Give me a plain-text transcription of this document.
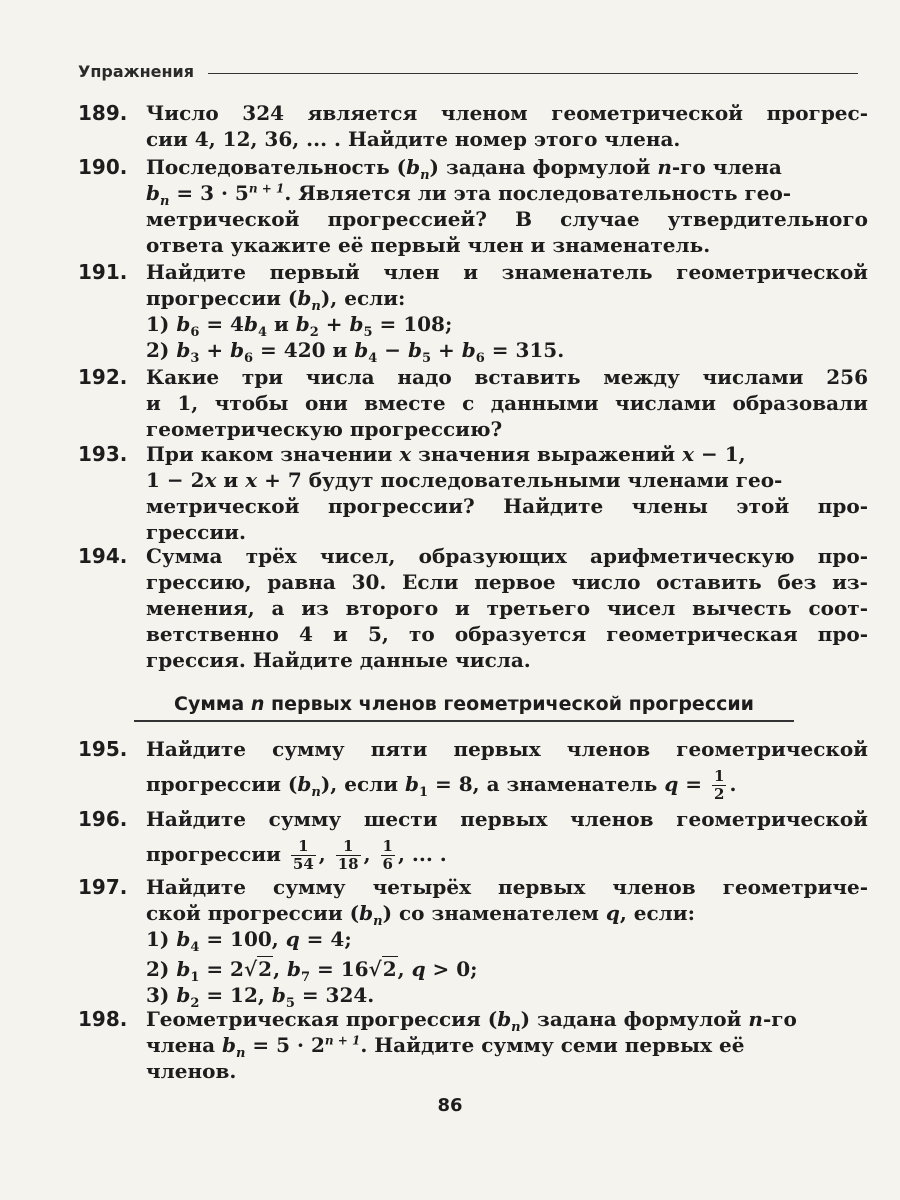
Упражнения
189. Число 324 является членом геометрической прогрес-
сии 4, 12, 36, ... . Найдите номер этого члена.
190. Последовательность $(b_n)$ задана формулой n-го члена
$b_n = 3 \cdot 5^{n + 1}$. Является ли эта последовательность гео-
метрической прогрессией? В случае утвердительного
ответа укажите её первый член и знаменатель.
191. Найдите первый член и знаменатель геометрической
прогрессии $(b_n)$, если:
1) $b_6 = 4b_4$ и $b_2 + b_5 = 108$;
2) $b_3 + b_6 = 420$ и $b_4 - b_5 + b_6 = 315$.
192. Какие три числа надо вставить между числами 256
и 1, чтобы они вместе с данными числами образовали
геометрическую прогрессию?
193. При каком значении x значения выражений x − 1,
1 − 2x и x + 7 будут последовательными членами гео-
метрической прогрессии? Найдите члены этой про-
грессии.
194. Сумма трёх чисел, образующих арифметическую про-
грессию, равна 30. Если первое число оставить без из-
менения, а из второго и третьего чисел вычесть соот-
ветственно 4 и 5, то образуется геометрическая про-
грессия. Найдите данные числа.
Сумма n первых членов геометрической прогрессии
195. Найдите сумму пяти первых членов геометрической
прогрессии $(b_n)$, если $b_1 = 8$, а знаменатель $q = \frac{1}{2}$ .
196. Найдите сумму шести первых членов геометрической
прогрессии $\frac{1}{54}$ , $\frac{1}{18}$ , $\frac{1}{6}$ , ... .
197. Найдите сумму четырёх первых членов геометриче-
ской прогрессии $(b_n)$ со знаменателем q, если:
1) $b_4 = 100$, q = 4;
2) $b_1 = 2√2$, $b_7 = 16√2$, q > 0;
3) $b_2 = 12$, $b_5 = 324$.
198. Геометрическая прогрессия $(b_n)$ задана формулой n-го
члена $b_n = 5 \cdot 2^{n + 1}$. Найдите сумму семи первых её
членов.
86
